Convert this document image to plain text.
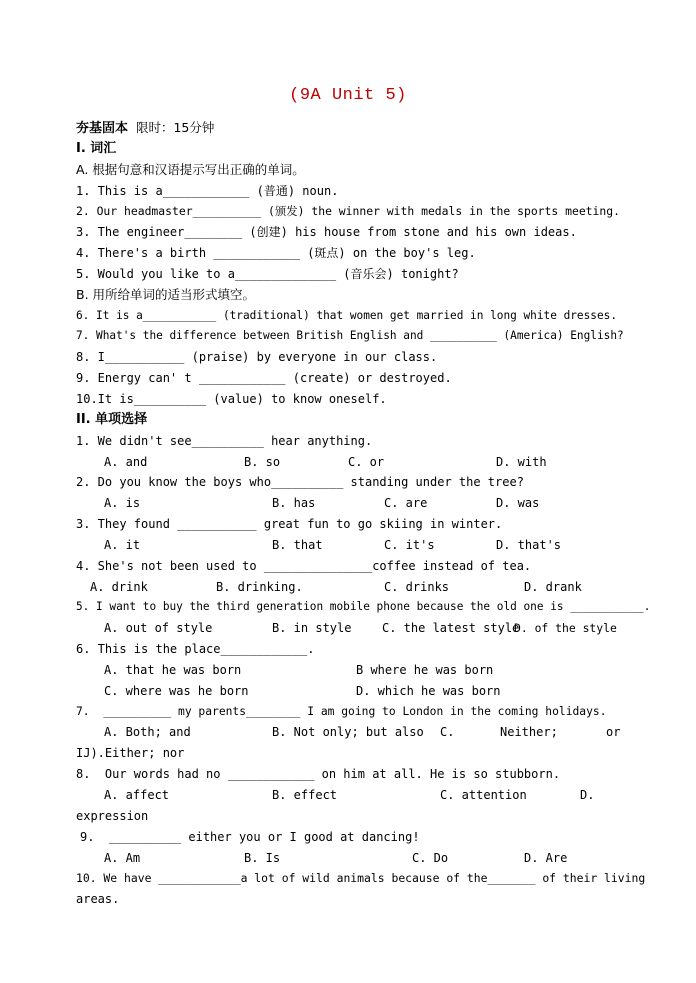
(9A Unit 5)
夯基固本  限时：15分钟
I. 词汇
A. 根据句意和汉语提示写出正确的单词。
1. This is a____________ (普通) noun.
2. Our headmaster__________ (颁发) the winner with medals in the sports meeting.
3. The engineer________ (创建) his house from stone and his own ideas.
4. There's a birth ____________ (斑点) on the boy's leg.
5. Would you like to a______________ (音乐会) tonight?
B. 用所给单词的适当形式填空。
6. It is a___________ (traditional) that women get married in long white dresses.
7. What's the difference between British English and __________ (America) English?
8. I___________ (praise) by everyone in our class.
9. Energy can' t ____________ (create) or destroyed.
10.It is__________ (value) to know oneself.
II. 单项选择
1. We didn't see__________ hear anything.

A. and

	B. so

	C. or

	D. with

2. Do you know the boys who__________ standing under the tree?

A. is

	B. has

	C. are

	D. was

3. They found ___________ great fun to go skiing in winter.

A. it

	B. that

	C. it's

	D. that's

4. She's not been used to _______________coffee instead of tea.

A. drink

	B. drinking.

	C. drinks

	D. drank

5. I want to buy the third generation mobile phone because the old one is ___________.

A. out of style

	B. in style

	C. the latest style

D. of the style

6. This is the place____________.

A. that he was born

	B where he was born

C. where was he born

	D. which he was born

7.  __________ my parents________ I am going to London in the coming holidays.

A. Both; and

	B. Not only; but also

C.

	Neither;

	or

IJ).Either; nor
8.  Our words had no ____________ on him at all. He is so stubborn.

A. affect

	B. effect

	C. attention

	D.

expression
9.  __________ either you or I good at dancing!

A. Am

	B. Is

	C. Do

	D. Are

10. We have ____________a lot of wild animals because of the_______ of their living
areas.
